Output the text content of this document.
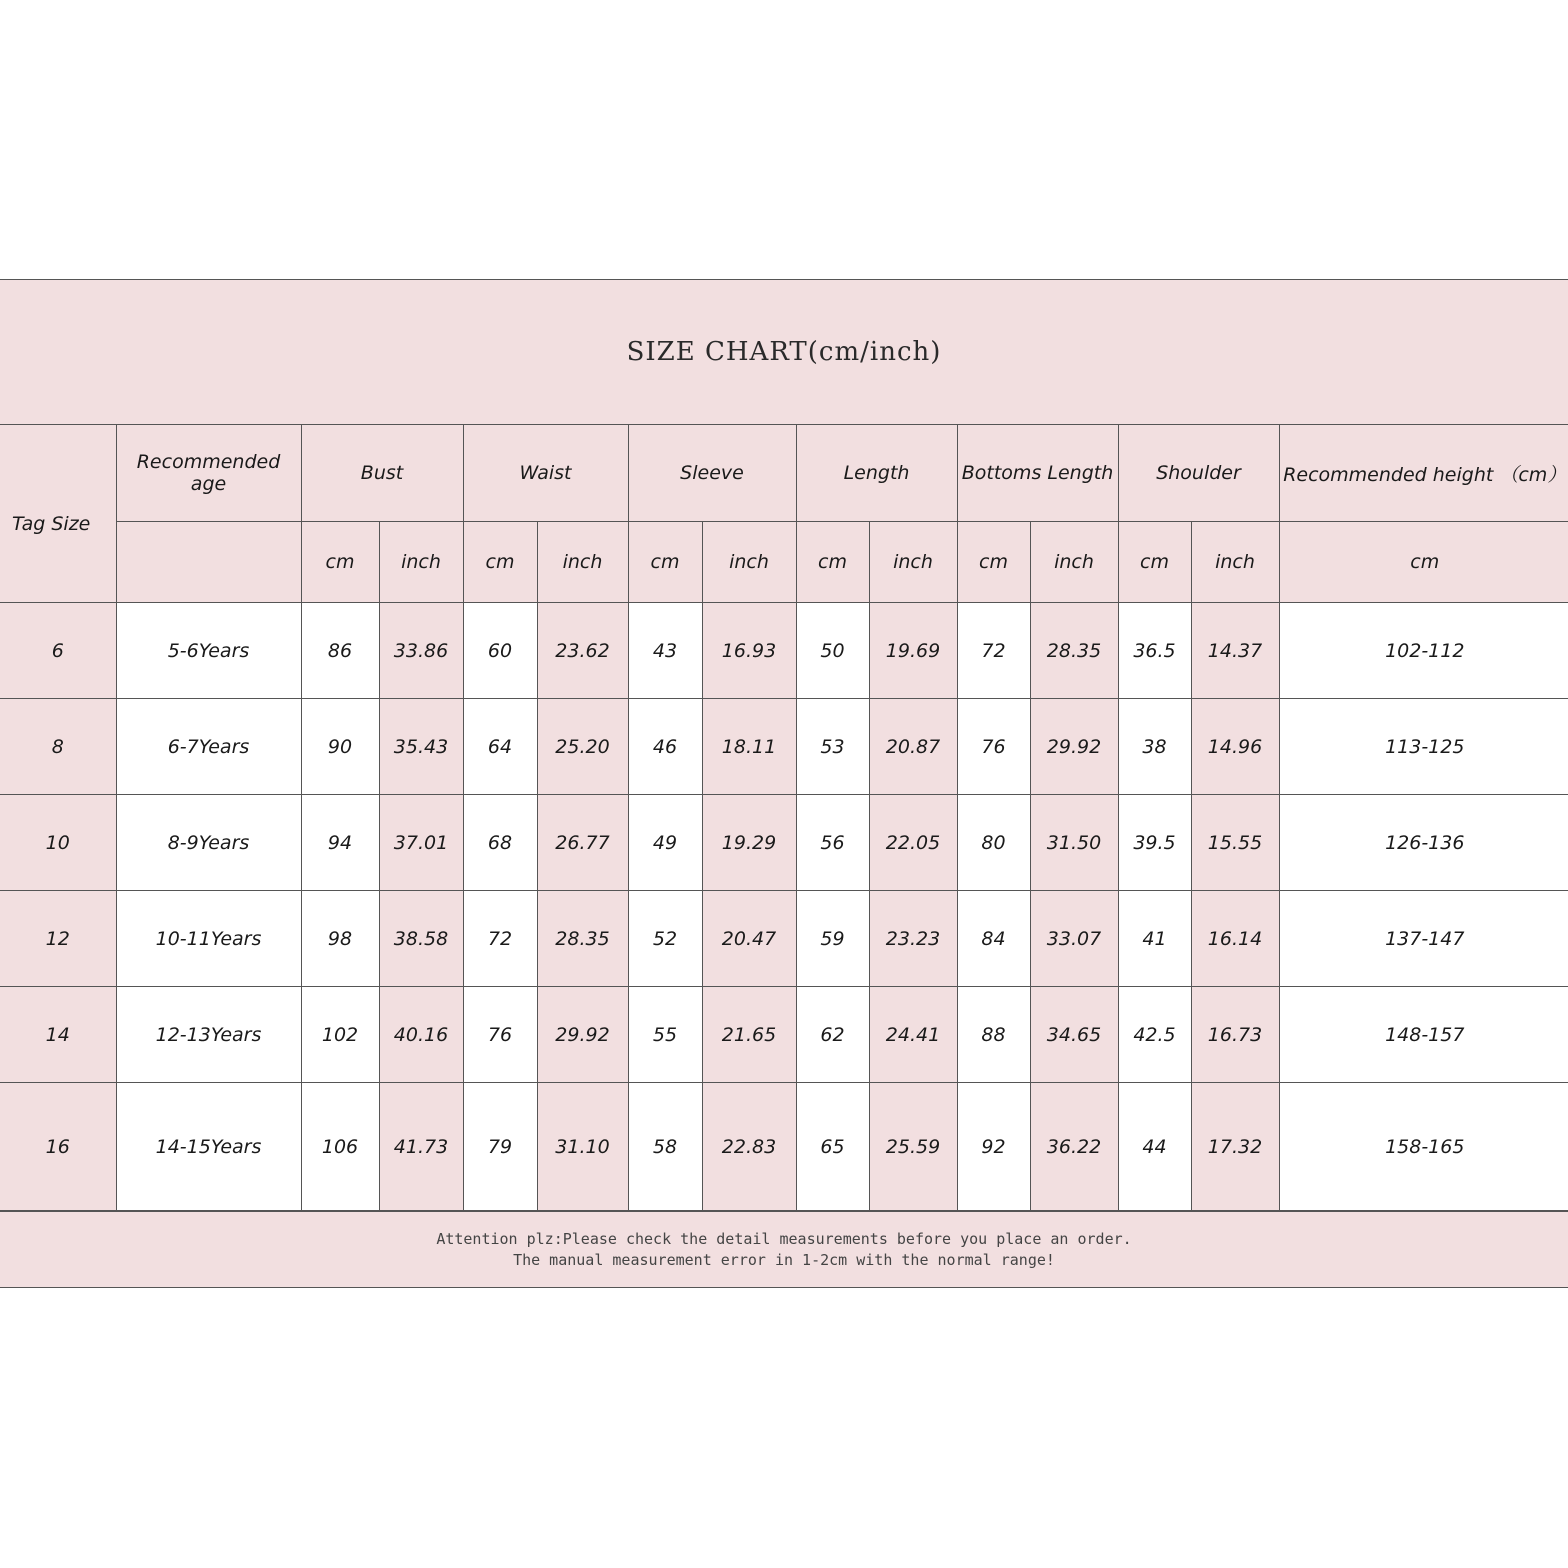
SIZE CHART(cm/inch)
Tag Size	Recommended age	Bust		Waist		Sleeve		Length		Bottoms Length		Shoulder		Recommended height （cm）
		cm	inch	cm	inch	cm	inch	cm	inch	cm	inch	cm	inch	cm
6	5-6Years	86	33.86	60	23.62	43	16.93	50	19.69	72	28.35	36.5	14.37	102-112
8	6-7Years	90	35.43	64	25.20	46	18.11	53	20.87	76	29.92	38	14.96	113-125
10	8-9Years	94	37.01	68	26.77	49	19.29	56	22.05	80	31.50	39.5	15.55	126-136
12	10-11Years	98	38.58	72	28.35	52	20.47	59	23.23	84	33.07	41	16.14	137-147
14	12-13Years	102	40.16	76	29.92	55	21.65	62	24.41	88	34.65	42.5	16.73	148-157
16	14-15Years	106	41.73	79	31.10	58	22.83	65	25.59	92	36.22	44	17.32	158-165
Attention plz:Please check the detail measurements before you place an order.
The manual measurement error in 1-2cm with the normal range!
